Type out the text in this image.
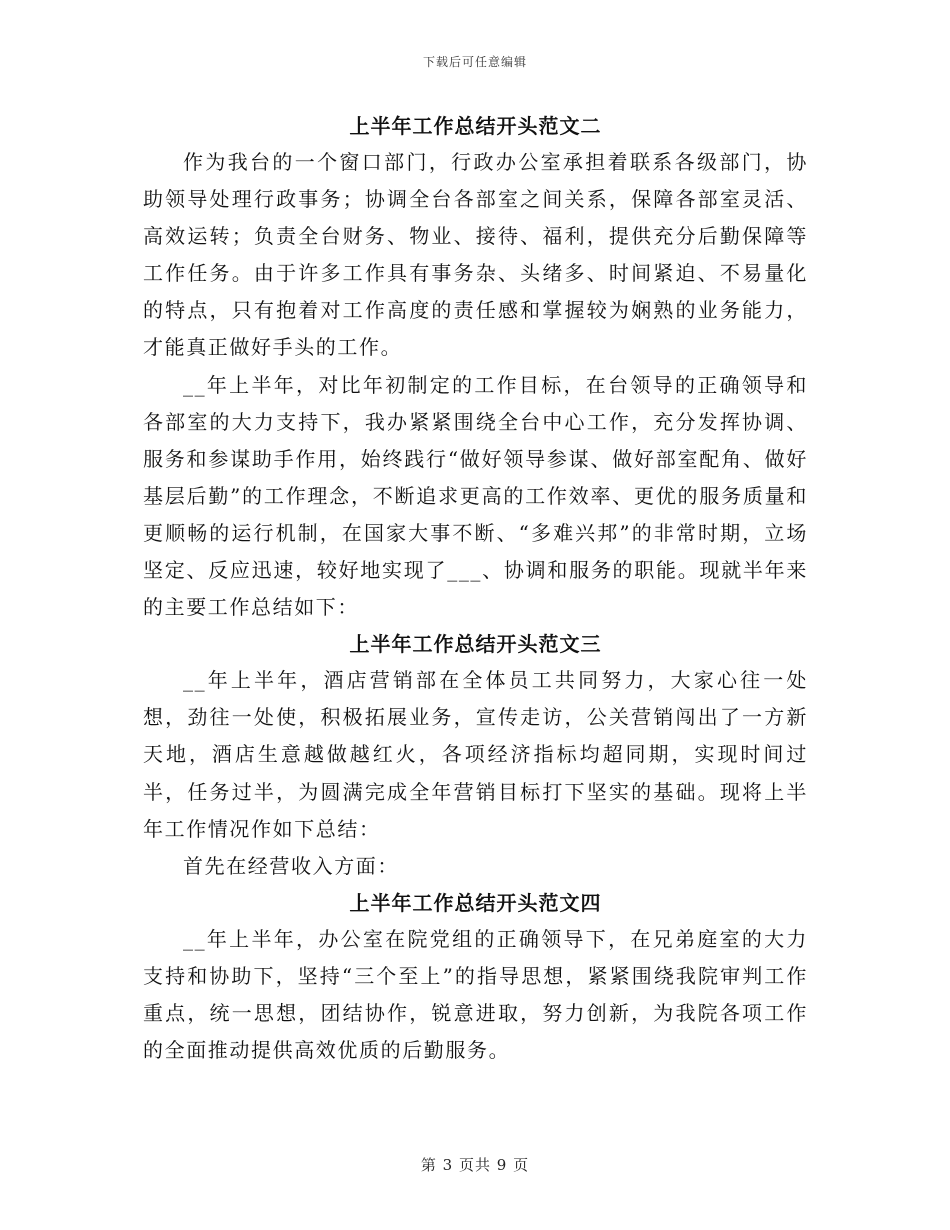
下载后可任意编辑
上半年工作总结开头范文二

作为我台的一个窗口部门，行政办公室承担着联系各级部门，协助领导处理行政事务；协调全台各部室之间关系，保障各部室灵活、高效运转；负责全台财务、物业、接待、福利，提供充分后勤保障等工作任务。由于许多工作具有事务杂、头绪多、时间紧迫、不易量化的特点，只有抱着对工作高度的责任感和掌握较为娴熟的业务能力，才能真正做好手头的工作。

__年上半年，对比年初制定的工作目标，在台领导的正确领导和各部室的大力支持下，我办紧紧围绕全台中心工作，充分发挥协调、服务和参谋助手作用，始终践行“做好领导参谋、做好部室配角、做好基层后勤”的工作理念，不断追求更高的工作效率、更优的服务质量和更顺畅的运行机制，在国家大事不断、“多难兴邦”的非常时期，立场坚定、反应迅速，较好地实现了___、协调和服务的职能。现就半年来的主要工作总结如下：

上半年工作总结开头范文三

__年上半年，酒店营销部在全体员工共同努力，大家心往一处想，劲往一处使，积极拓展业务，宣传走访，公关营销闯出了一方新天地，酒店生意越做越红火，各项经济指标均超同期，实现时间过半，任务过半，为圆满完成全年营销目标打下坚实的基础。现将上半年工作情况作如下总结：

首先在经营收入方面：

上半年工作总结开头范文四

__年上半年，办公室在院党组的正确领导下，在兄弟庭室的大力支持和协助下，坚持“三个至上”的指导思想，紧紧围绕我院审判工作重点，统一思想，团结协作，锐意进取，努力创新，为我院各项工作的全面推动提供高效优质的后勤服务。

第 3 页共 9 页
